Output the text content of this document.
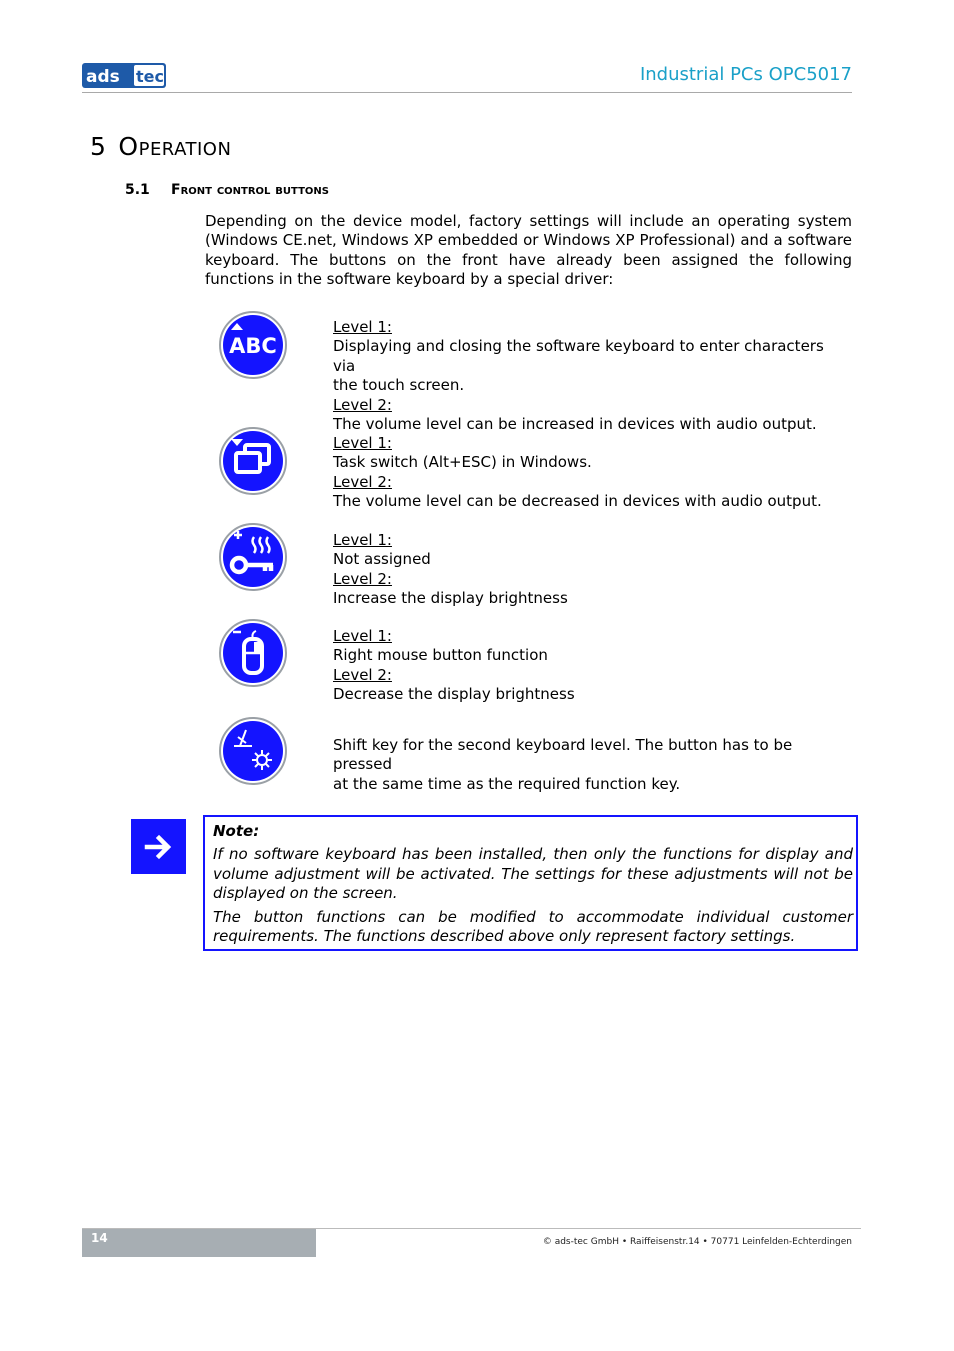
ads tec	Industrial PCs OPC5017
5 Operation
5.1 Front control buttons
Depending on the device model, factory settings will include an operating system (Windows CE.net, Windows XP embedded or Windows XP Professional) and a software keyboard. The buttons on the front have already been assigned the following functions in the software keyboard by a special driver:
ABC
Level 1:
Displaying and closing the software keyboard to enter characters via
the touch screen.
Level 2:
The volume level can be increased in devices with audio output.
Level 1:
Task switch (Alt+ESC) in Windows.
Level 2:
The volume level can be decreased in devices with audio output.
Level 1:
Not assigned
Level 2:
Increase the display brightness
Level 1:
Right mouse button function
Level 2:
Decrease the display brightness
Shift key for the second keyboard level. The button has to be pressed
at the same time as the required function key.
Note:

If no software keyboard has been installed, then only the functions for display and volume adjustment will be activated. The settings for these adjustments will not be displayed on the screen.

The button functions can be modified to accommodate individual customer requirements. The functions described above only represent factory settings.

14	© ads-tec GmbH • Raiffeisenstr.14 • 70771 Leinfelden-Echterdingen
